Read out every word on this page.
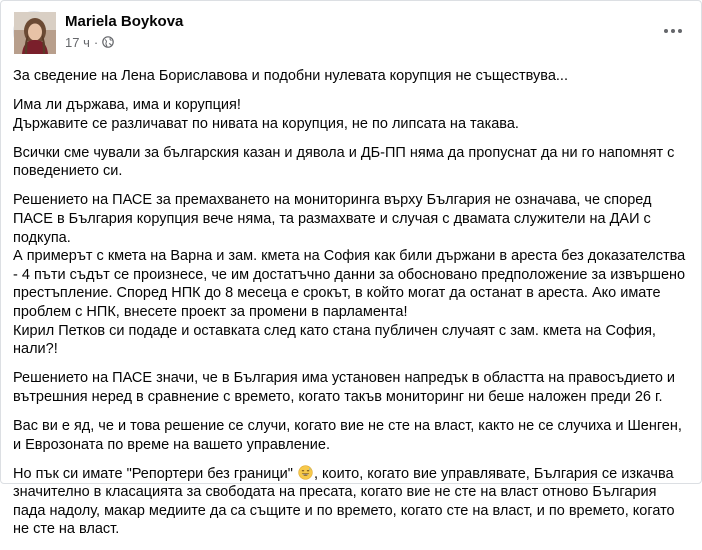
Mariela Boykova
17 ч ·

За сведение на Лена Бориславова и подобни нулевата корупция не съществува...

Има ли държава, има и корупция!
Държавите се различават по нивата на корупция, не по липсата на такава.

Всички сме чували за българския казан и дявола и ДБ-ПП няма да пропуснат да ни го напомнят с поведението си.

Решението на ПАСЕ за премахването на мониторинга върху България не означава, че според ПАСЕ в България корупция вече няма, та размахвате и случая с двамата служители на ДАИ с подкупа.
А примерът с кмета на Варна и зам. кмета на София как били държани в ареста без доказателства - 4 пъти съдът се произнесе, че им достатъчно данни за обосновано предположение за извършено престъпление. Според НПК до 8 месеца е срокът, в който могат да останат в ареста. Ако имате проблем с НПК, внесете проект за промени в парламента!
Кирил Петков си подаде и оставката след като стана публичен случаят с зам. кмета на София, нали?!

Решението на ПАСЕ значи, че в България има установен напредък в областта на правосъдието и вътрешния неред в сравнение с времето, когато такъв мониторинг ни беше наложен преди 26 г.

Вас ви е яд, че и това решение се случи, когато вие не сте на власт, както не се случиха и Шенген, и Еврозоната по време на вашето управление.

Но пък си имате "Репортери без граници" , които, когато вие управлявате, България се изкачва значително в класацията за свободата на пресата, когато вие не сте на власт отново България пада надолу, макар медиите да са същите и по времето, когато сте на власт, и по времето, когато не сте на власт.
